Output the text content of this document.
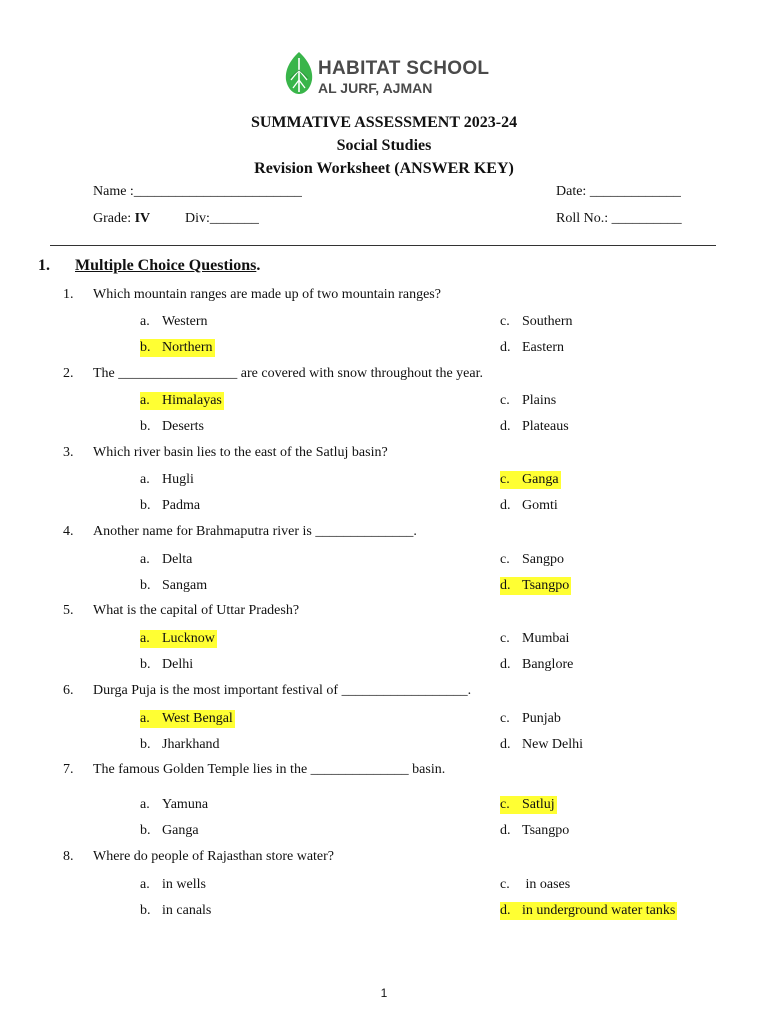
HABITAT SCHOOL
AL JURF, AJMAN
SUMMATIVE ASSESSMENT 2023-24
Social Studies
Revision Worksheet (ANSWER KEY)
Name :________________________	Date: _____________
Grade: IV Div:_______	Roll No.: __________
1. Multiple Choice Questions.
1. Which mountain ranges are made up of two mountain ranges?
a. Western	c. Southern
b. Northern	d. Eastern
2. The _________________ are covered with snow throughout the year.
a. Himalayas	c. Plains
b. Deserts	d. Plateaus
3. Which river basin lies to the east of the Satluj basin?
a. Hugli	c. Ganga
b. Padma	d. Gomti
4. Another name for Brahmaputra river is ______________.
a. Delta	c. Sangpo
b. Sangam	d. Tsangpo
5. What is the capital of Uttar Pradesh?
a. Lucknow	c. Mumbai
b. Delhi	d. Banglore
6. Durga Puja is the most important festival of __________________.
a. West Bengal	c. Punjab
b. Jharkhand	d. New Delhi
7. The famous Golden Temple lies in the ______________ basin.
a. Yamuna	c. Satluj
b. Ganga	d. Tsangpo
8. Where do people of Rajasthan store water?
a. in wells	c. in oases
b. in canals	d. in underground water tanks
1
